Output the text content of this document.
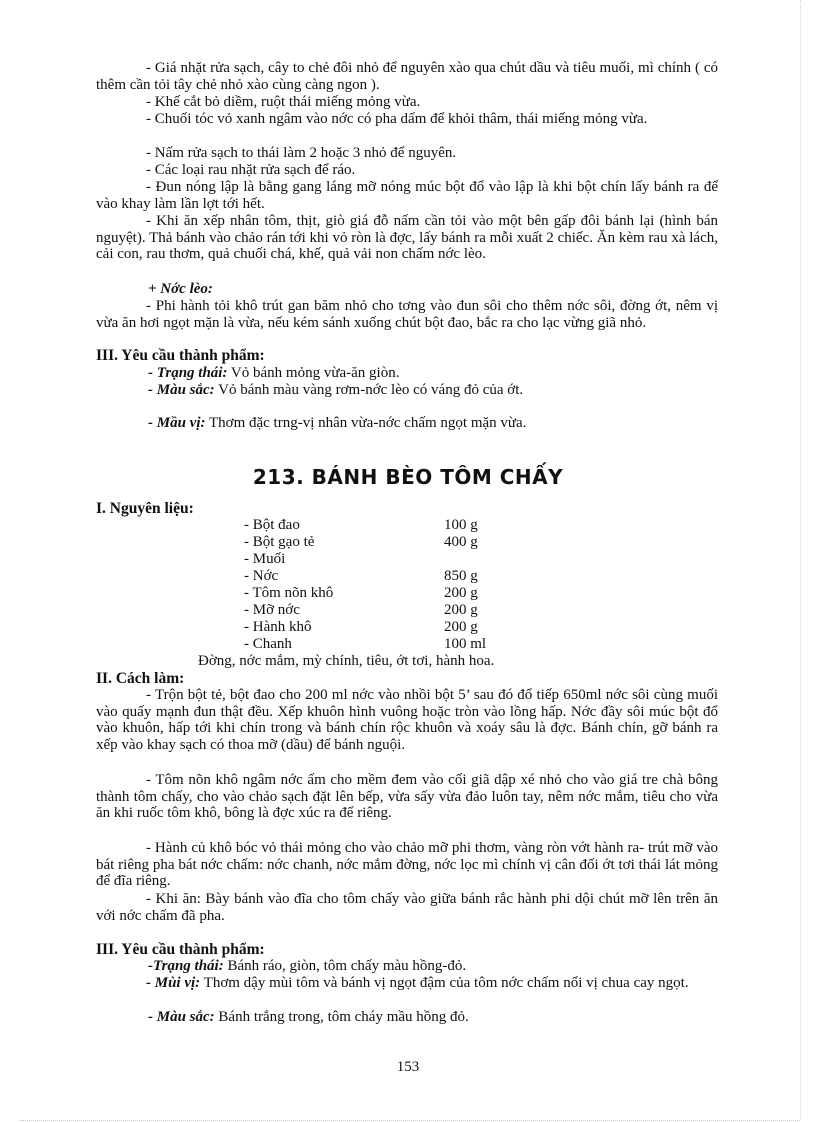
- Giá nhặt rửa sạch, cây to chẻ đôi nhỏ để nguyên xào qua chút dầu và tiêu muối, mì chính ( có thêm cần tỏi tây chẻ nhỏ xào cùng càng ngon ).

- Khế cắt bỏ diềm, ruột thái miếng mỏng vừa.

- Chuối tóc vỏ xanh ngâm vào nớc có pha dấm để khỏi thâm, thái miếng mỏng vừa.

- Nấm rửa sạch to thái làm 2 hoặc 3 nhỏ để nguyên.

- Các loại rau nhặt rửa sạch để ráo.

- Đun nóng lập là bằng gang láng mỡ nóng múc bột đổ vào lập là khi bột chín lấy bánh ra để vào khay làm lần lợt tới hết.

- Khi ăn xếp nhân tôm, thịt, giò giá đỗ nấm cần tỏi vào một bên gấp đôi bánh lại (hình bán nguyệt). Thả bánh vào chảo rán tới khi vỏ ròn là đợc, lấy bánh ra mỗi xuất 2 chiếc. Ăn kèm rau xà lách, cải con, rau thơm, quả chuối chá, khế, quả vải non chấm nớc lèo.

+ Nớc lèo:

- Phi hành tỏi khô trút gan băm nhỏ cho tơng vào đun sôi cho thêm nớc sôi, đờng ớt, nêm vị vừa ăn hơi ngọt mặn là vừa, nếu kém sánh xuống chút bột đao, bắc ra cho lạc vừng giã nhỏ.

III. Yêu cầu thành phẩm:

- Trạng thái: Vỏ bánh mỏng vừa-ăn giòn.

- Màu sắc: Vỏ bánh màu vàng rơm-nớc lèo có váng đỏ của ớt.

- Mầu vị: Thơm đặc trng-vị nhân vừa-nớc chấm ngọt mặn vừa.

213. BÁNH BÈO TÔM CHẤY

I. Nguyên liệu:

- Bột đao	100 g
- Bột gạo tẻ	400 g
- Muối
- Nớc	850 g
- Tôm nõn khô	200 g
- Mỡ nớc	200 g
- Hành khô	200 g
- Chanh	100 ml

Đờng, nớc mắm, mỳ chính, tiêu, ớt tơi, hành hoa.

II. Cách làm:

- Trộn bột tẻ, bột đao cho 200 ml nớc vào nhồi bột 5’ sau đó đổ tiếp 650ml nớc sôi cùng muối vào quấy mạnh đun thật đều. Xếp khuôn hình vuông hoặc tròn vào lồng hấp. Nớc đầy sôi múc bột đổ vào khuôn, hấp tới khi chín trong và bánh chín rộc khuôn và xoáy sâu là đợc. Bánh chín, gỡ bánh ra xếp vào khay sạch có thoa mỡ (dầu) để bánh nguội.

- Tôm nõn khô ngâm nớc ấm cho mềm đem vào cối giã dập xé nhỏ cho vào giá tre chà bông thành tôm chấy, cho vào chảo sạch đặt lên bếp, vừa sấy vừa đảo luôn tay, nêm nớc mắm, tiêu cho vừa ăn khi ruốc tôm khô, bông là đợc xúc ra để riêng.

- Hành củ khô bóc vỏ thái mỏng cho vào chảo mỡ phi thơm, vàng ròn vớt hành ra- trút mỡ vào bát riêng pha bát nớc chấm: nớc chanh, nớc mắm đờng, nớc lọc mì chính vị cân đối ớt tơi thái lát mỏng để đĩa riêng.

- Khi ăn: Bày bánh vào đĩa cho tôm chấy vào giữa bánh rắc hành phi dội chút mỡ lên trên ăn với nớc chấm đã pha.

III. Yêu cầu thành phẩm:

-Trạng thái: Bánh ráo, giòn, tôm chấy màu hồng-đỏ.

- Mùi vị: Thơm dậy mùi tôm và bánh vị ngọt đậm của tôm nớc chấm nổi vị chua cay ngọt.

- Màu sắc: Bánh trắng trong, tôm cháy mầu hồng đỏ.

153
